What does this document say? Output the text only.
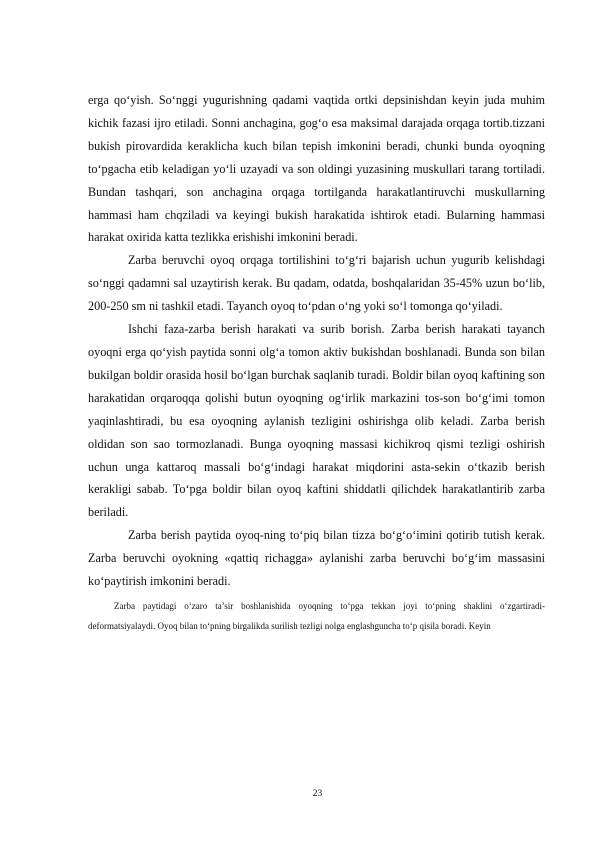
erga qo‘yish. So‘nggi yugurishning qadami vaqtida ortki depsinishdan keyin juda muhim kichik fazasi ijro etiladi. Sonni anchagina, gog‘o esa maksimal darajada orqaga tortib.tizzani bukish pirovardida keraklicha kuch bilan tepish imkonini beradi, chunki bunda oyoqning to‘pgacha etib keladigan yo‘li uzayadi va son oldingi yuzasining muskullari tarang tortiladi. Bundan tashqari, son anchagina orqaga tortilganda harakatlantiruvchi muskullarning hammasi ham chqziladi va keyingi bukish harakatida ishtirok etadi. Bularning hammasi harakat oxirida katta tezlikka erishishi imkonini beradi.

Zarba beruvchi oyoq orqaga tortilishini to‘g‘ri bajarish uchun yugurib kelishdagi so‘nggi qadamni sal uzaytirish kerak. Bu qadam, odatda, boshqalaridan 35-45% uzun bo‘lib, 200-250 sm ni tashkil etadi. Tayanch oyoq to‘pdan o‘ng yoki so‘l tomonga qo‘yiladi.

Ishchi faza-zarba berish harakati va surib borish. Zarba berish harakati tayanch oyoqni erga qo‘yish paytida sonni olg‘a tomon aktiv bukishdan boshlanadi. Bunda son bilan bukilgan boldir orasida hosil bo‘lgan burchak saqlanib turadi. Boldir bilan oyoq kaftining son harakatidan orqaroqqa qolishi butun oyoqning og‘irlik markazini tos-son bo‘g‘imi tomon yaqinlashtiradi, bu esa oyoqning aylanish tezligini oshirishga olib keladi. Zarba berish oldidan son sao tormozlanadi. Bunga oyoqning massasi kichikroq qismi tezligi oshirish uchun unga kattaroq massali bo‘g‘indagi harakat miqdorini asta-sekin o‘tkazib berish kerakligi sabab. To‘pga boldir bilan oyoq kaftini shiddatli qilichdek harakatlantirib zarba beriladi.

Zarba berish paytida oyoq-ning to‘piq bilan tizza bo‘g‘o‘imini qotirib tutish kerak. Zarba beruvchi oyokning «qattiq richagga» aylanishi zarba beruvchi bo‘g‘im massasini ko‘paytirish imkonini beradi.

Zarba paytidagi o‘zaro ta’sir boshlanishida oyoqning to‘pga tekkan joyi to‘pning shaklini o‘zgartiradi-deformatsiyalaydi. Oyoq bilan to‘pning birgalikda surilish tezligi nolga englashguncha to‘p qisila boradi. Keyin

23
